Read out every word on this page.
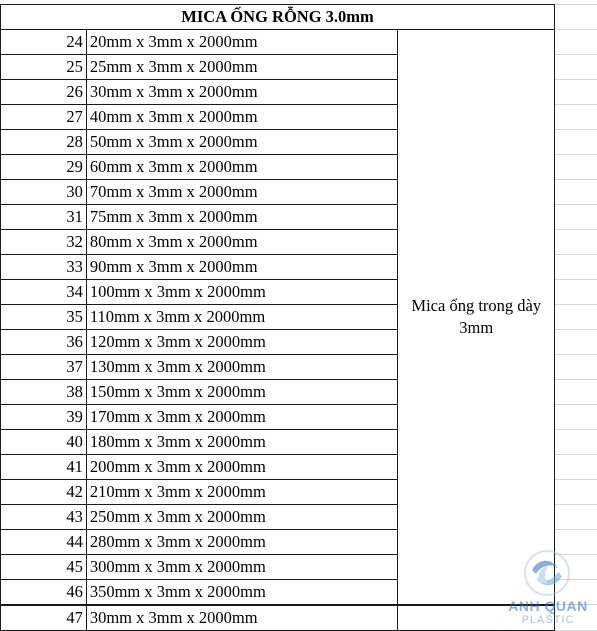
MICA ỐNG RỖNG 3.0mm			
24	20mm x 3mm x 2000mm	Mica ống trong dày 3mm	
25	25mm x 3mm x 2000mm		
26	30mm x 3mm x 2000mm		
27	40mm x 3mm x 2000mm		
28	50mm x 3mm x 2000mm		
29	60mm x 3mm x 2000mm		
30	70mm x 3mm x 2000mm		
31	75mm x 3mm x 2000mm		
32	80mm x 3mm x 2000mm		
33	90mm x 3mm x 2000mm		
34	100mm x 3mm x 2000mm		
35	110mm x 3mm x 2000mm		
36	120mm x 3mm x 2000mm		
37	130mm x 3mm x 2000mm		
38	150mm x 3mm x 2000mm		
39	170mm x 3mm x 2000mm		
40	180mm x 3mm x 2000mm		
41	200mm x 3mm x 2000mm		
42	210mm x 3mm x 2000mm		
43	250mm x 3mm x 2000mm		
44	280mm x 3mm x 2000mm		
45	300mm x 3mm x 2000mm		
46	350mm x 3mm x 2000mm		
47	30mm x 3mm x 2000mm		
ANH QUAN
PLASTIC
